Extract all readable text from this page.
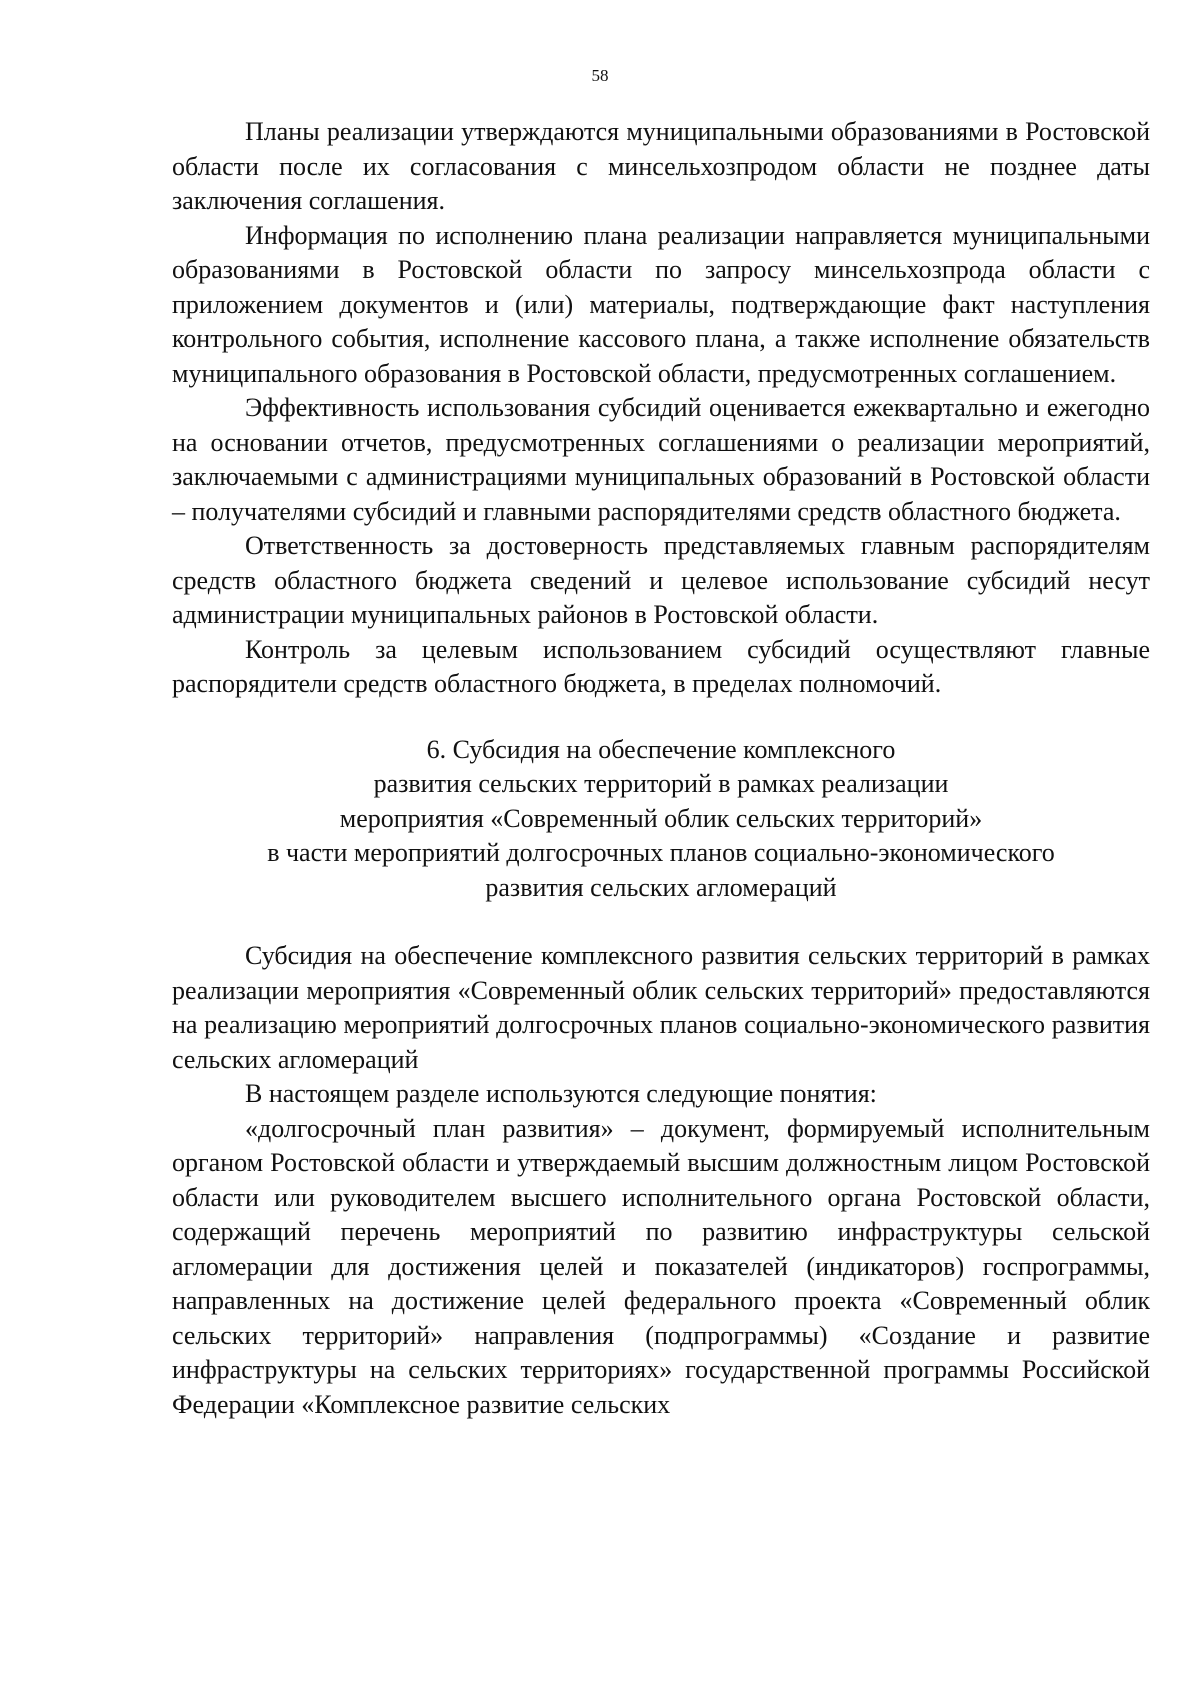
58

Планы реализации утверждаются муниципальными образованиями в Ростовской области после их согласования с минсельхозпродом области не позднее даты заключения соглашения.

Информация по исполнению плана реализации направляется муниципальными образованиями в Ростовской области по запросу минсельхозпрода области с приложением документов и (или) материалы, подтверждающие факт наступления контрольного события, исполнение кассового плана, а также исполнение обязательств муниципального образования в Ростовской области, предусмотренных соглашением.

Эффективность использования субсидий оценивается ежеквартально и ежегодно на основании отчетов, предусмотренных соглашениями о реализации мероприятий, заключаемыми с администрациями муниципальных образований в Ростовской области – получателями субсидий и главными распорядителями средств областного бюджета.

Ответственность за достоверность представляемых главным распорядителям средств областного бюджета сведений и целевое использование субсидий несут администрации муниципальных районов в Ростовской области.

Контроль за целевым использованием субсидий осуществляют главные распорядители средств областного бюджета, в пределах полномочий.

6. Субсидия на обеспечение комплексного
развития сельских территорий в рамках реализации
мероприятия «Современный облик сельских территорий»
в части мероприятий долгосрочных планов социально-экономического
развития сельских агломераций

Субсидия на обеспечение комплексного развития сельских территорий в рамках реализации мероприятия «Современный облик сельских территорий» предоставляются на реализацию мероприятий долгосрочных планов социально-экономического развития сельских агломераций

В настоящем разделе используются следующие понятия:

«долгосрочный план развития» – документ, формируемый исполнительным органом Ростовской области и утверждаемый высшим должностным лицом Ростовской области или руководителем высшего исполнительного органа Ростовской области, содержащий перечень мероприятий по развитию инфраструктуры сельской агломерации для достижения целей и показателей (индикаторов) госпрограммы, направленных на достижение целей федерального проекта «Современный облик сельских территорий» направления (подпрограммы) «Создание и развитие инфраструктуры на сельских территориях» государственной программы Российской Федерации «Комплексное развитие сельских
